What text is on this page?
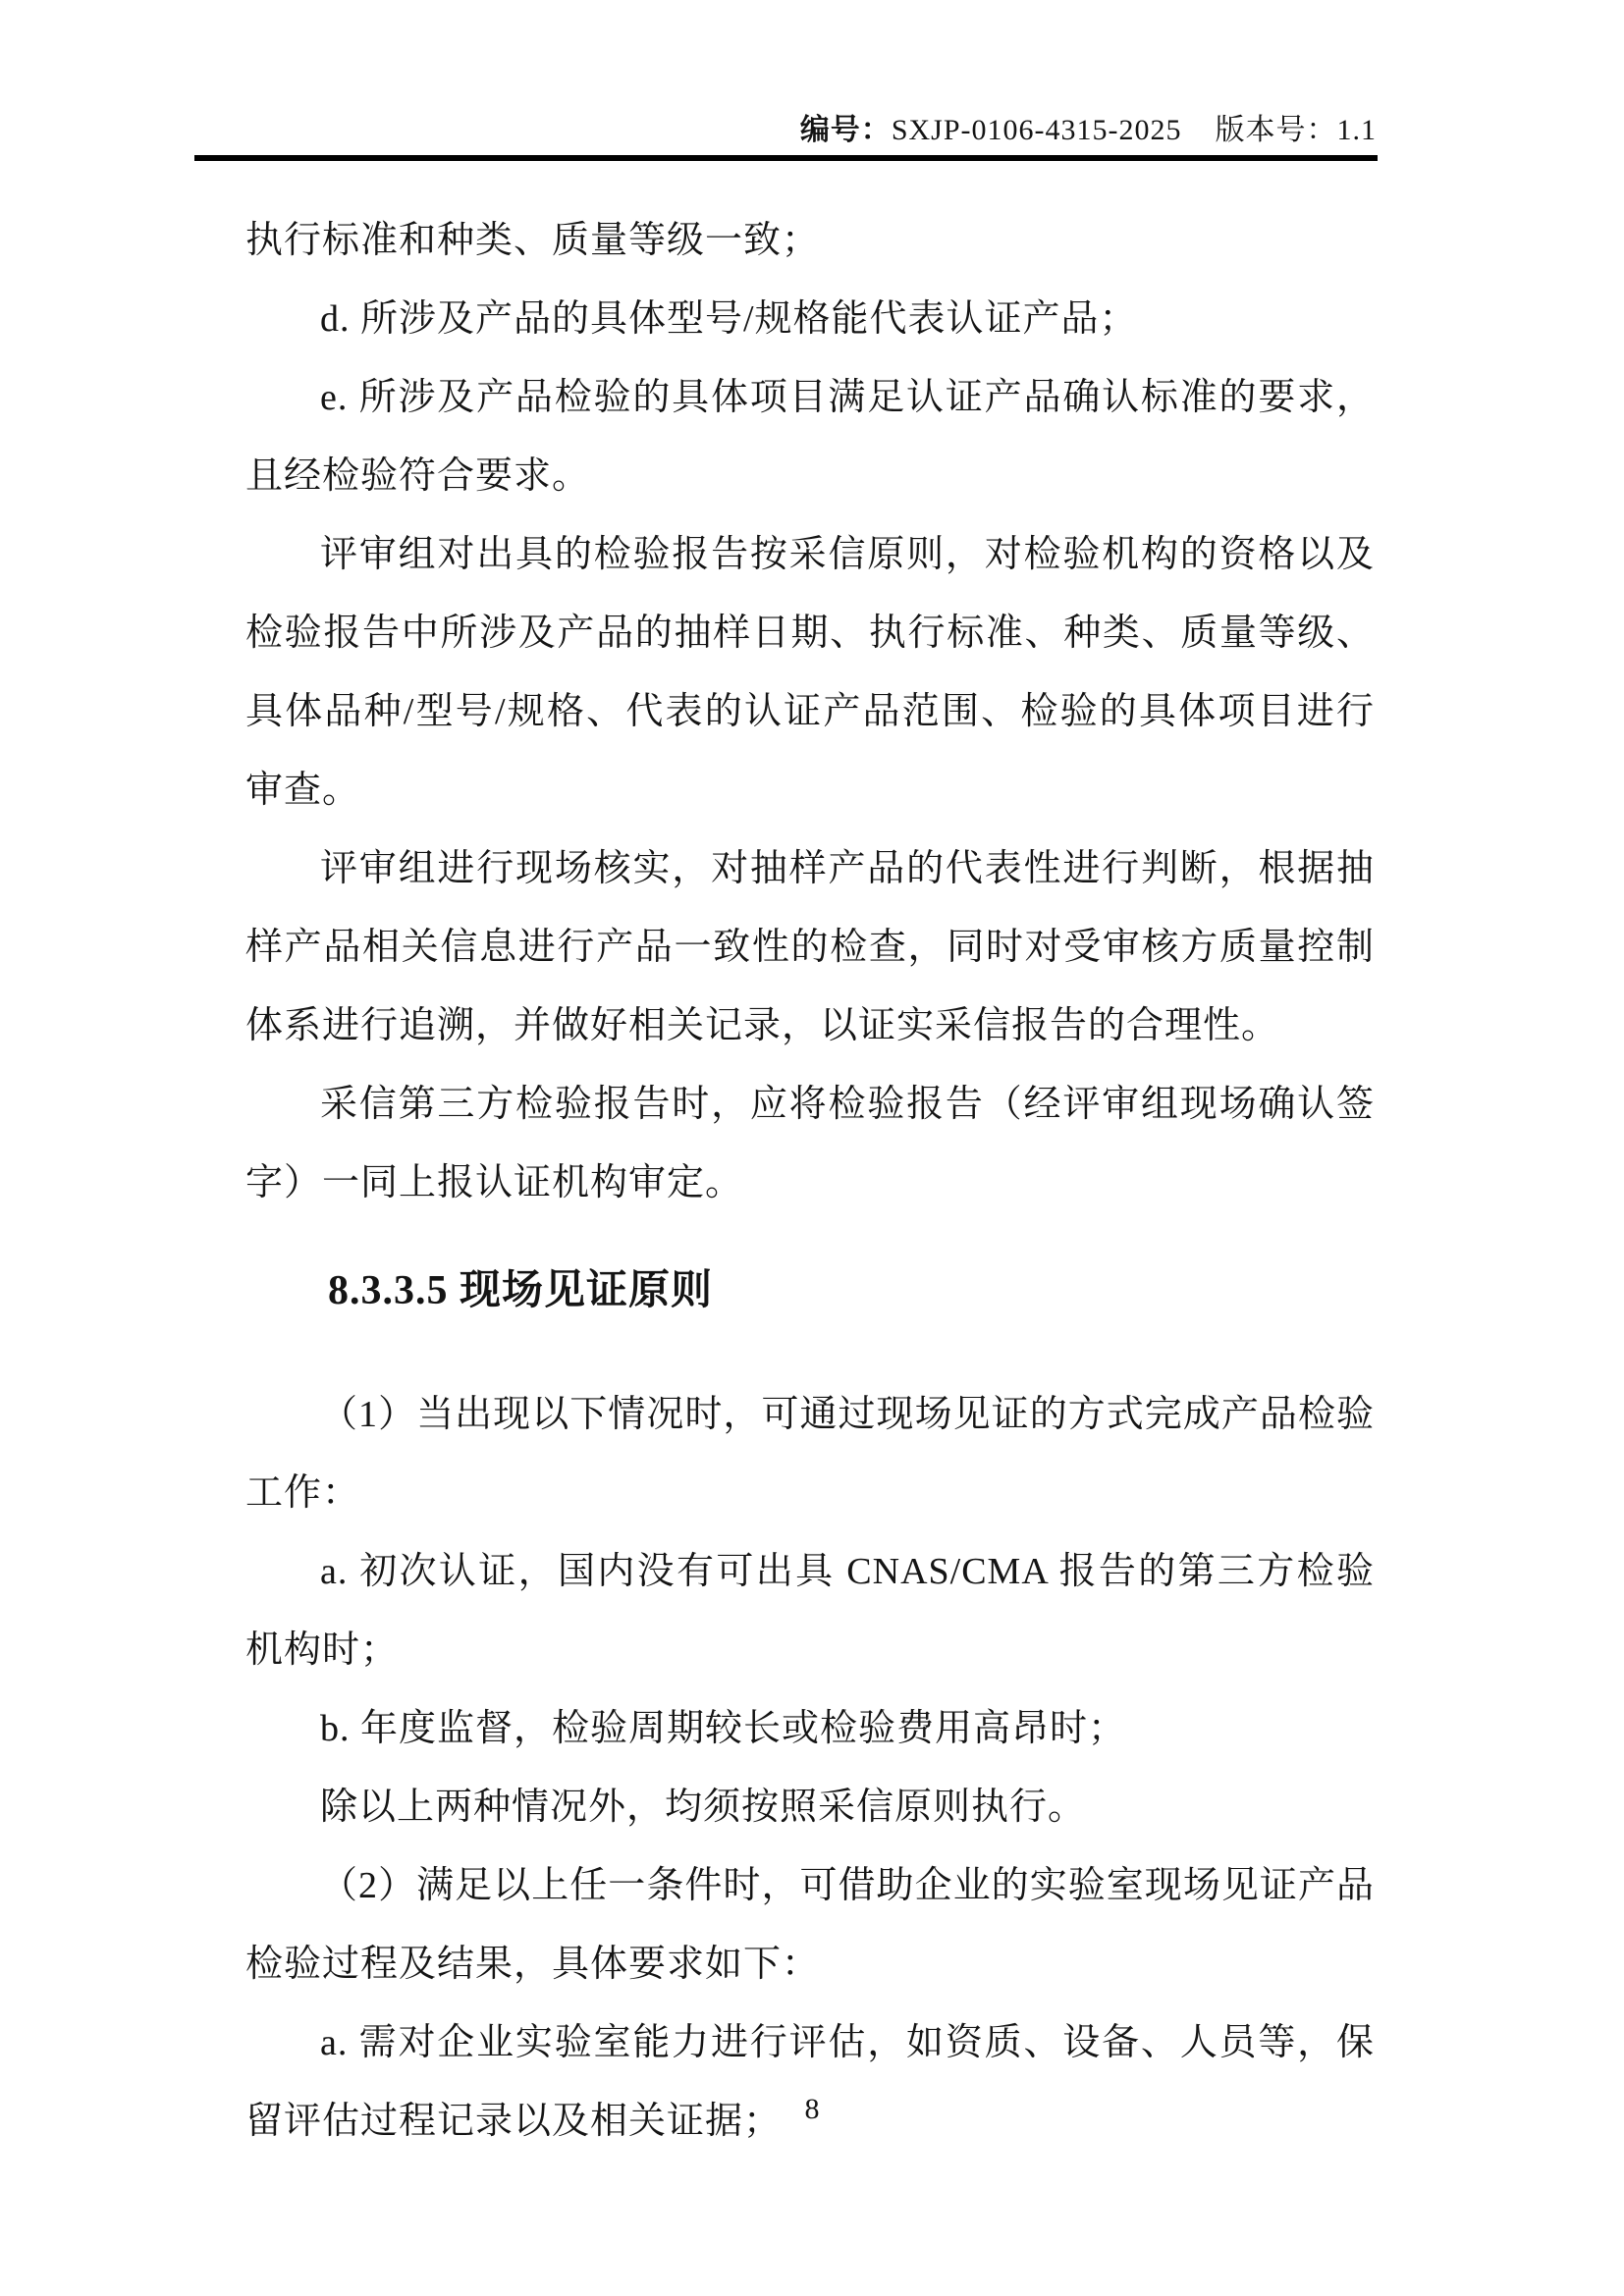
编号：SXJP-0106-4315-2025 版本号：1.1

执行标准和种类、质量等级一致；

d. 所涉及产品的具体型号/规格能代表认证产品；

e. 所涉及产品检验的具体项目满足认证产品确认标准的要求，且经检验符合要求。

评审组对出具的检验报告按采信原则，对检验机构的资格以及检验报告中所涉及产品的抽样日期、执行标准、种类、质量等级、具体品种/型号/规格、代表的认证产品范围、检验的具体项目进行审查。

评审组进行现场核实，对抽样产品的代表性进行判断，根据抽样产品相关信息进行产品一致性的检查，同时对受审核方质量控制体系进行追溯，并做好相关记录，以证实采信报告的合理性。

采信第三方检验报告时，应将检验报告（经评审组现场确认签字）一同上报认证机构审定。

8.3.3.5 现场见证原则

（1）当出现以下情况时，可通过现场见证的方式完成产品检验工作：

a. 初次认证，国内没有可出具 CNAS/CMA 报告的第三方检验机构时；

b. 年度监督，检验周期较长或检验费用高昂时；

除以上两种情况外，均须按照采信原则执行。

（2）满足以上任一条件时，可借助企业的实验室现场见证产品检验过程及结果，具体要求如下：

a. 需对企业实验室能力进行评估，如资质、设备、人员等，保留评估过程记录以及相关证据； 8
